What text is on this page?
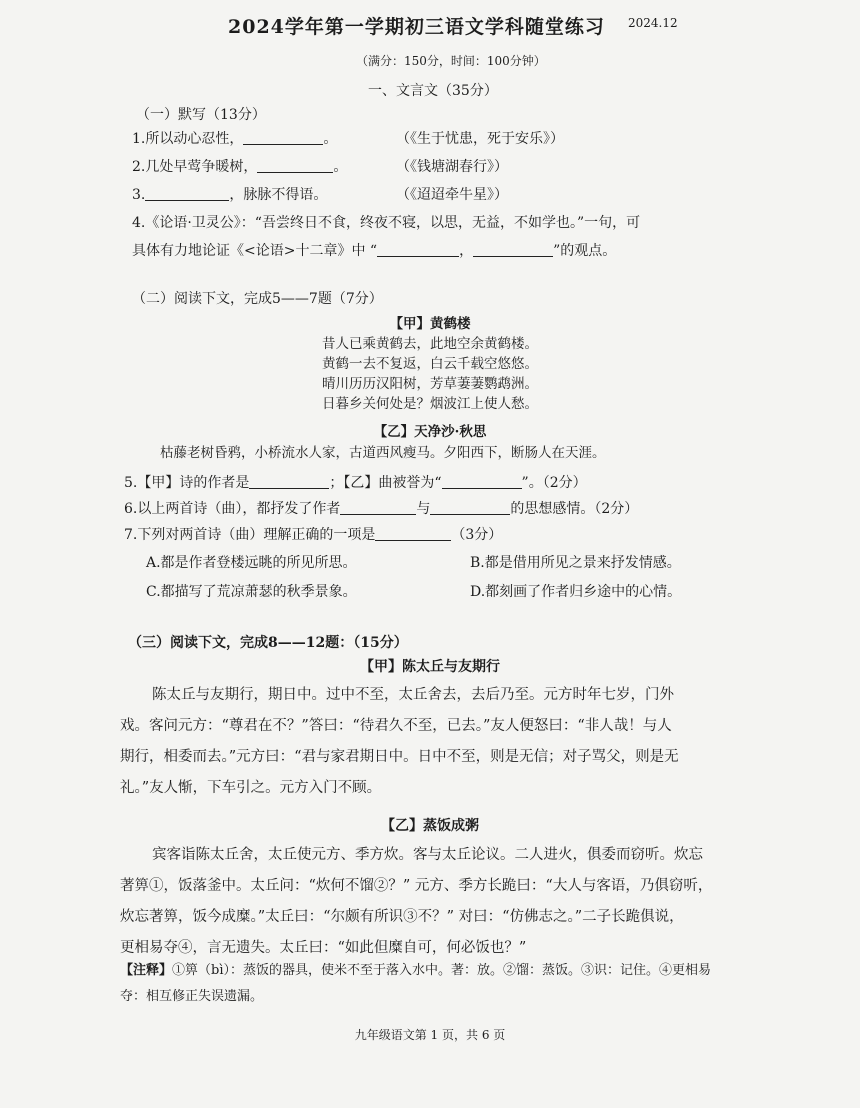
2024学年第一学期初三语文学科随堂练习 2024.12
（满分：150分，时间：100分钟）
一、文言文（35分）
（一）默写（13分）
1.所以动心忍性，	。	（《生于忧患，死于安乐》）
2.几处早莺争暖树，	。	（《钱塘湖春行》）
3.	，脉脉不得语。	（《迢迢牵牛星》）
4.《论语·卫灵公》：“吾尝终日不食，终夜不寝，以思，无益，不如学也。”一句，可
具体有力地论证《<论语>十二章》中 “	，	”的观点。
（二）阅读下文，完成5——7题（7分）
【甲】黄鹤楼
昔人已乘黄鹤去，此地空余黄鹤楼。
黄鹤一去不复返，白云千载空悠悠。
晴川历历汉阳树，芳草萋萋鹦鹉洲。
日暮乡关何处是？烟波江上使人愁。
【乙】天净沙·秋思
枯藤老树昏鸦，小桥流水人家，古道西风瘦马。夕阳西下，断肠人在天涯。
5.【甲】诗的作者是	；【乙】曲被誉为“	”。（2分）
6.以上两首诗（曲），都抒发了作者	与	的思想感情。（2分）
7.下列对两首诗（曲）理解正确的一项是	（3分）
A.都是作者登楼远眺的所见所思。	B.都是借用所见之景来抒发情感。
C.都描写了荒凉萧瑟的秋季景象。	D.都刻画了作者归乡途中的心情。
（三）阅读下文，完成8——12题：（15分）
【甲】陈太丘与友期行
陈太丘与友期行，期日中。过中不至，太丘舍去，去后乃至。元方时年七岁，门外
戏。客问元方：“尊君在不？”答曰：“待君久不至，已去。”友人便怒曰：“非人哉！与人
期行，相委而去。”元方曰：“君与家君期日中。日中不至，则是无信；对子骂父，则是无
礼。”友人惭，下车引之。元方入门不顾。
【乙】蒸饭成粥
宾客诣陈太丘舍，太丘使元方、季方炊。客与太丘论议。二人进火，俱委而窃听。炊忘
著箅①，饭落釜中。太丘问：“炊何不馏②？” 元方、季方长跪曰：“大人与客语，乃俱窃听，
炊忘著箅，饭今成糜。”太丘曰：“尔颇有所识③不？” 对曰：“仿佛志之。”二子长跪俱说，
更相易夺④，言无遗失。太丘曰：“如此但糜自可，何必饭也？”
【注释】①箅（bì）：蒸饭的器具，使米不至于落入水中。著：放。②馏：蒸饭。③识：记住。④更相易
夺：相互修正失误遗漏。
九年级语文第 1 页，共 6 页
